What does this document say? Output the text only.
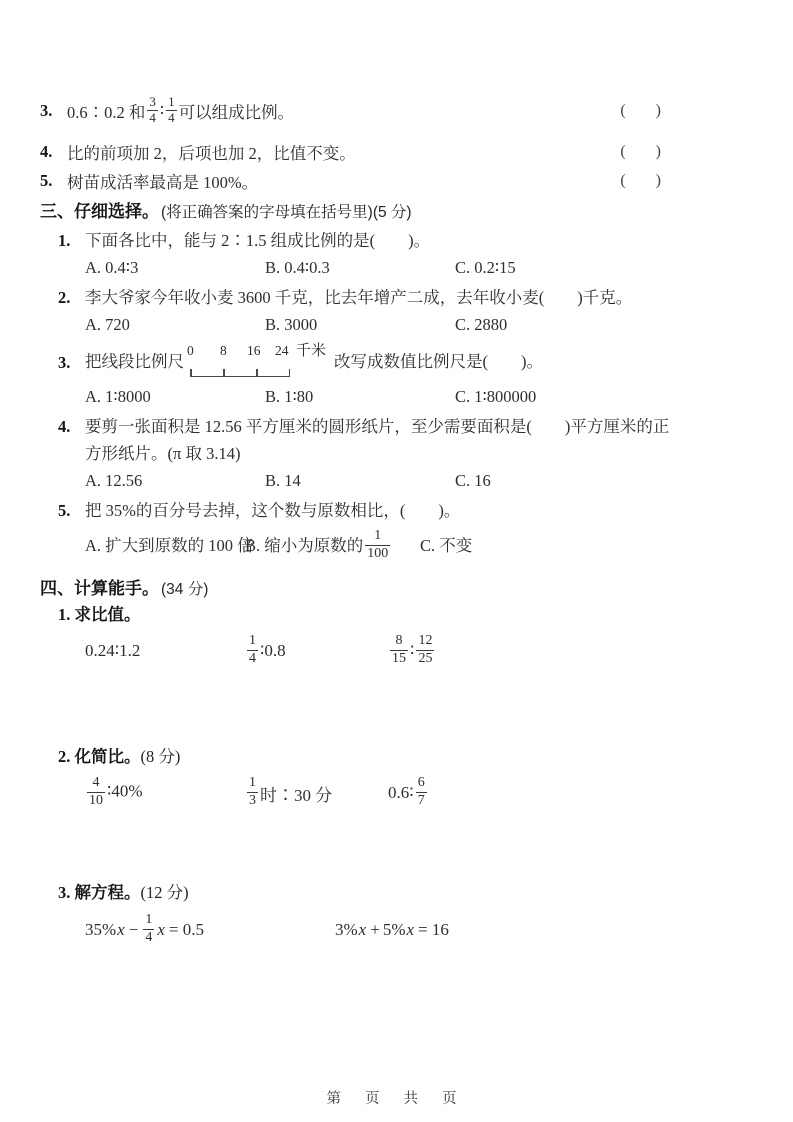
3. 0.6∶0.2 和 $\frac{3}{4}$ ∶ $\frac{1}{4}$ 可以组成比例。	( )
4. 比的前项加 2，后项也加 2，比值不变。	( )
5. 树苗成活率最高是 100%。	( )
三、仔细选择。 (将正确答案的字母填在括号里)(5 分)
1. 下面各比中，能与 2∶1.5 组成比例的是(　　)。
A. 0.4∶3	B. 0.4∶0.3	C. 0.2∶15
2. 李大爷家今年收小麦 3600 千克，比去年增产二成，去年收小麦(　　)千克。
A. 720	B. 3000	C. 2880
3. 把线段比例尺
0 8 16 24 千米
改写成数值比例尺是(　　)。
A. 1∶8000	B. 1∶80	C. 1∶800000
4. 要剪一张面积是 12.56 平方厘米的圆形纸片，至少需要面积是(　　)平方厘米的正
方形纸片。(π 取 3.14)
A. 12.56	B. 14	C. 16
5. 把 35%的百分号去掉，这个数与原数相比，(　　)。
A. 扩大到原数的 100 倍
B. 缩小为原数的 $\frac{1}{100} C$. 不变
四、计算能手。 (34 分)
1. 求比值。
0.24∶1.2	$\frac{1}{4}$ ∶0.8	$\frac{8}{15}$ ∶ $\frac{12}{25}$
2. 化简比。(8 分)
$\frac{4}{10}$ ∶40%	$\frac{1}{3}$ 时∶30 分	0.6∶ $\frac{6}{7}$
3. 解方程。(12 分)
35% $x - \frac{1}{4}$ x = 0.5	3% x + 5% x = 16
第 页 共 页
